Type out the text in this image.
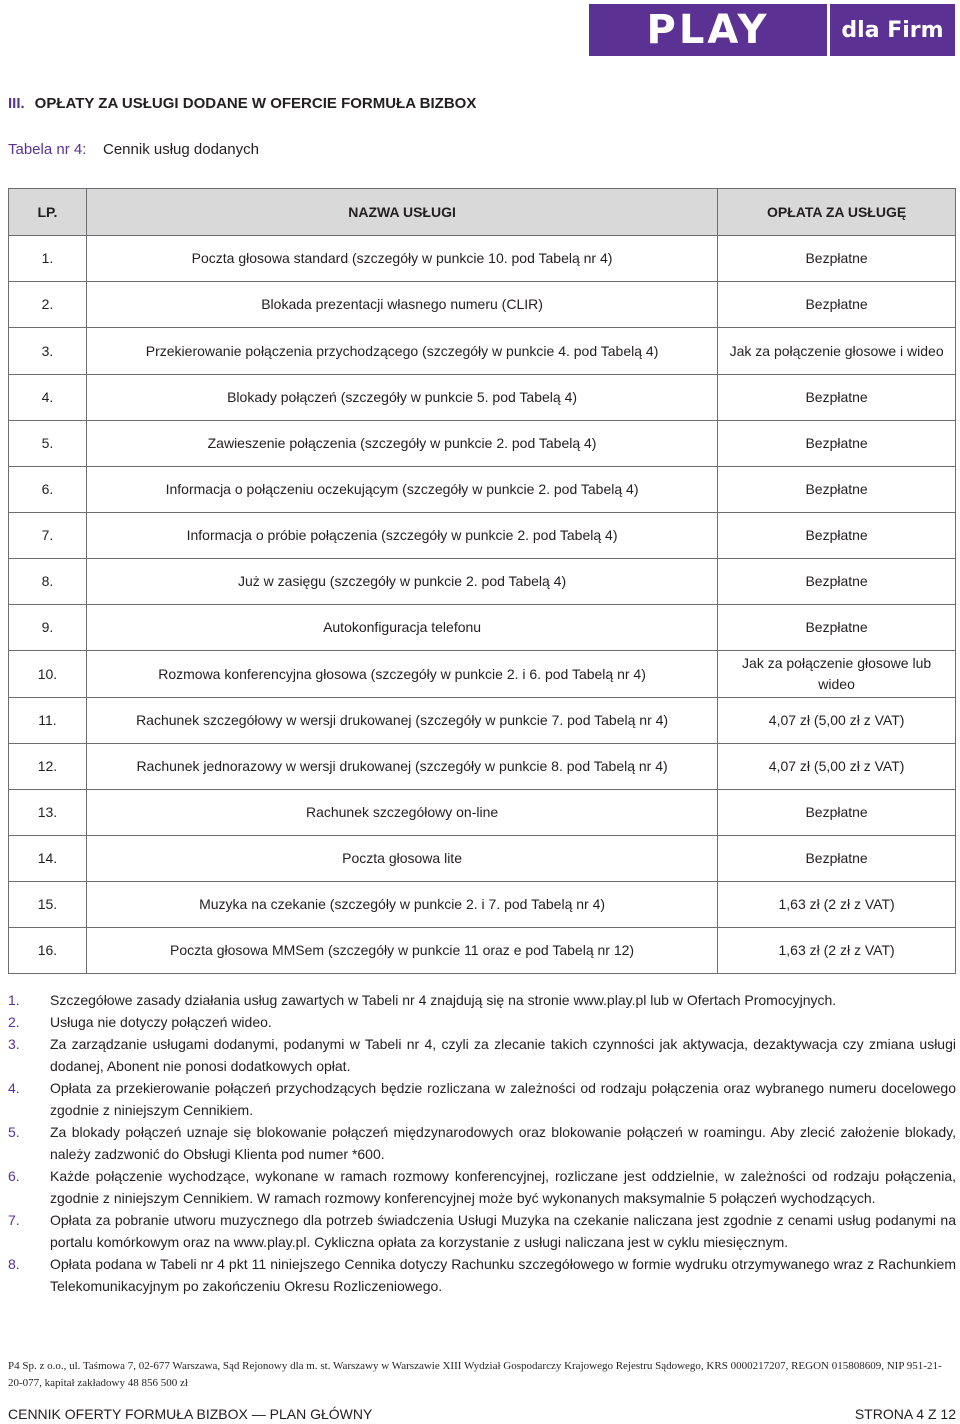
PLAY	dla Firm
III. OPŁATY ZA USŁUGI DODANE W OFERCIE FORMUŁA BIZBOX
Tabela nr 4:	Cennik usług dodanych
LP.	NAZWA USŁUGI	OPŁATA ZA USŁUGĘ
1.	Poczta głosowa standard (szczegóły w punkcie 10. pod Tabelą nr 4)	Bezpłatne
2.	Blokada prezentacji własnego numeru (CLIR)	Bezpłatne
3.	Przekierowanie połączenia przychodzącego (szczegóły w punkcie 4. pod Tabelą 4)	Jak za połączenie głosowe i wideo
4.	Blokady połączeń (szczegóły w punkcie 5. pod Tabelą 4)	Bezpłatne
5.	Zawieszenie połączenia (szczegóły w punkcie 2. pod Tabelą 4)	Bezpłatne
6.	Informacja o połączeniu oczekującym (szczegóły w punkcie 2. pod Tabelą 4)	Bezpłatne
7.	Informacja o próbie połączenia (szczegóły w punkcie 2. pod Tabelą 4)	Bezpłatne
8.	Już w zasięgu (szczegóły w punkcie 2. pod Tabelą 4)	Bezpłatne
9.	Autokonfiguracja telefonu	Bezpłatne
10.	Rozmowa konferencyjna głosowa (szczegóły w punkcie 2. i 6. pod Tabelą nr 4)	Jak za połączenie głosowe lub wideo
11.	Rachunek szczegółowy w wersji drukowanej (szczegóły w punkcie 7. pod Tabelą nr 4)	4,07 zł (5,00 zł z VAT)
12.	Rachunek jednorazowy w wersji drukowanej (szczegóły w punkcie 8. pod Tabelą nr 4)	4,07 zł (5,00 zł z VAT)
13.	Rachunek szczegółowy on-line	Bezpłatne
14.	Poczta głosowa lite	Bezpłatne
15.	Muzyka na czekanie (szczegóły w punkcie 2. i 7. pod Tabelą nr 4)	1,63 zł (2 zł z VAT)
16.	Poczta głosowa MMSem (szczegóły w punkcie 11 oraz e pod Tabelą nr 12)	1,63 zł (2 zł z VAT)
1.	Szczegółowe zasady działania usług zawartych w Tabeli nr 4 znajdują się na stronie www.play.pl lub w Ofertach Promocyjnych.
2.	Usługa nie dotyczy połączeń wideo.
3.	Za zarządzanie usługami dodanymi, podanymi w Tabeli nr 4, czyli za zlecanie takich czynności jak aktywacja, dezaktywacja czy zmiana usługi dodanej, Abonent nie ponosi dodatkowych opłat.
4.	Opłata za przekierowanie połączeń przychodzących będzie rozliczana w zależności od rodzaju połączenia oraz wybranego numeru docelowego zgodnie z niniejszym Cennikiem.
5.	Za blokady połączeń uznaje się blokowanie połączeń międzynarodowych oraz blokowanie połączeń w roamingu. Aby zlecić założenie blokady, należy zadzwonić do Obsługi Klienta pod numer *600.
6.	Każde połączenie wychodzące, wykonane w ramach rozmowy konferencyjnej, rozliczane jest oddzielnie, w zależności od rodzaju połączenia, zgodnie z niniejszym Cennikiem. W ramach rozmowy konferencyjnej może być wykonanych maksymalnie 5 połączeń wychodzących.
7.	Opłata za pobranie utworu muzycznego dla potrzeb świadczenia Usługi Muzyka na czekanie naliczana jest zgodnie z cenami usług podanymi na portalu komórkowym oraz na www.play.pl. Cykliczna opłata za korzystanie z usługi naliczana jest w cyklu miesięcznym.
8.	Opłata podana w Tabeli nr 4 pkt 11 niniejszego Cennika dotyczy Rachunku szczegółowego w formie wydruku otrzymywanego wraz z Rachunkiem Telekomunikacyjnym po zakończeniu Okresu Rozliczeniowego.
P4 Sp. z o.o., ul. Taśmowa 7, 02-677 Warszawa, Sąd Rejonowy dla m. st. Warszawy w Warszawie XIII Wydział Gospodarczy Krajowego Rejestru Sądowego, KRS 0000217207, REGON 015808609, NIP 951-21-20-077, kapitał zakładowy 48 856 500 zł
CENNIK OFERTY FORMUŁA BIZBOX — PLAN GŁÓWNY	STRONA 4 Z 12
